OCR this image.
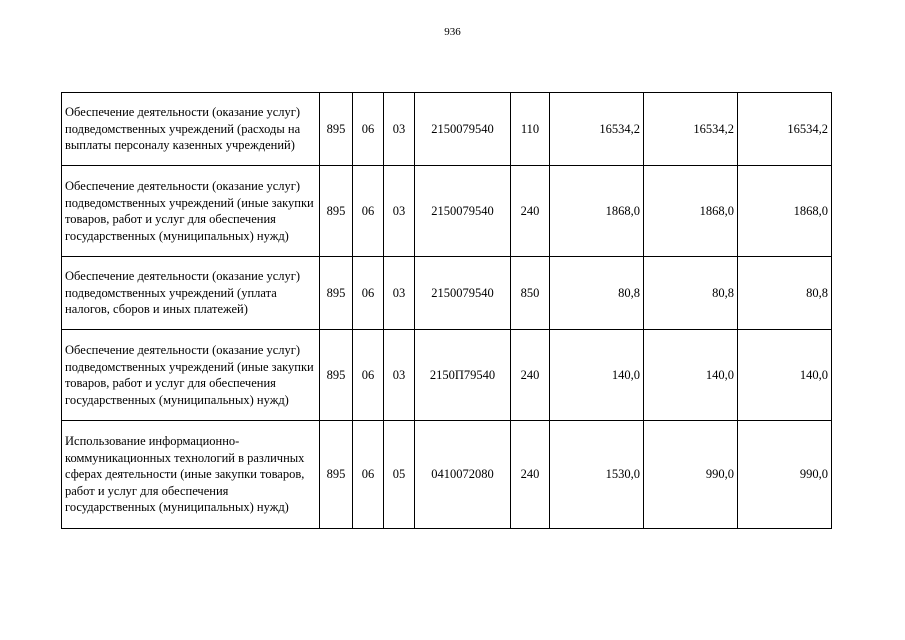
936
Обеспечение деятельности (оказание услуг) подведомственных учреждений (расходы на выплаты персоналу казенных учреждений)	895	06	03	2150079540	110	16534,2	16534,2	16534,2
Обеспечение деятельности (оказание услуг) подведомственных учреждений (иные закупки товаров, работ и услуг для обеспечения государственных (муниципальных) нужд)	895	06	03	2150079540	240	1868,0	1868,0	1868,0
Обеспечение деятельности (оказание услуг) подведомственных учреждений (уплата налогов, сборов и иных платежей)	895	06	03	2150079540	850	80,8	80,8	80,8
Обеспечение деятельности (оказание услуг) подведомственных учреждений (иные закупки товаров, работ и услуг для обеспечения государственных (муниципальных) нужд)	895	06	03	2150П79540	240	140,0	140,0	140,0
Использование информационно-коммуникационных технологий в различных сферах деятельности (иные закупки товаров, работ и услуг для обеспечения государственных (муниципальных) нужд)	895	06	05	0410072080	240	1530,0	990,0	990,0
